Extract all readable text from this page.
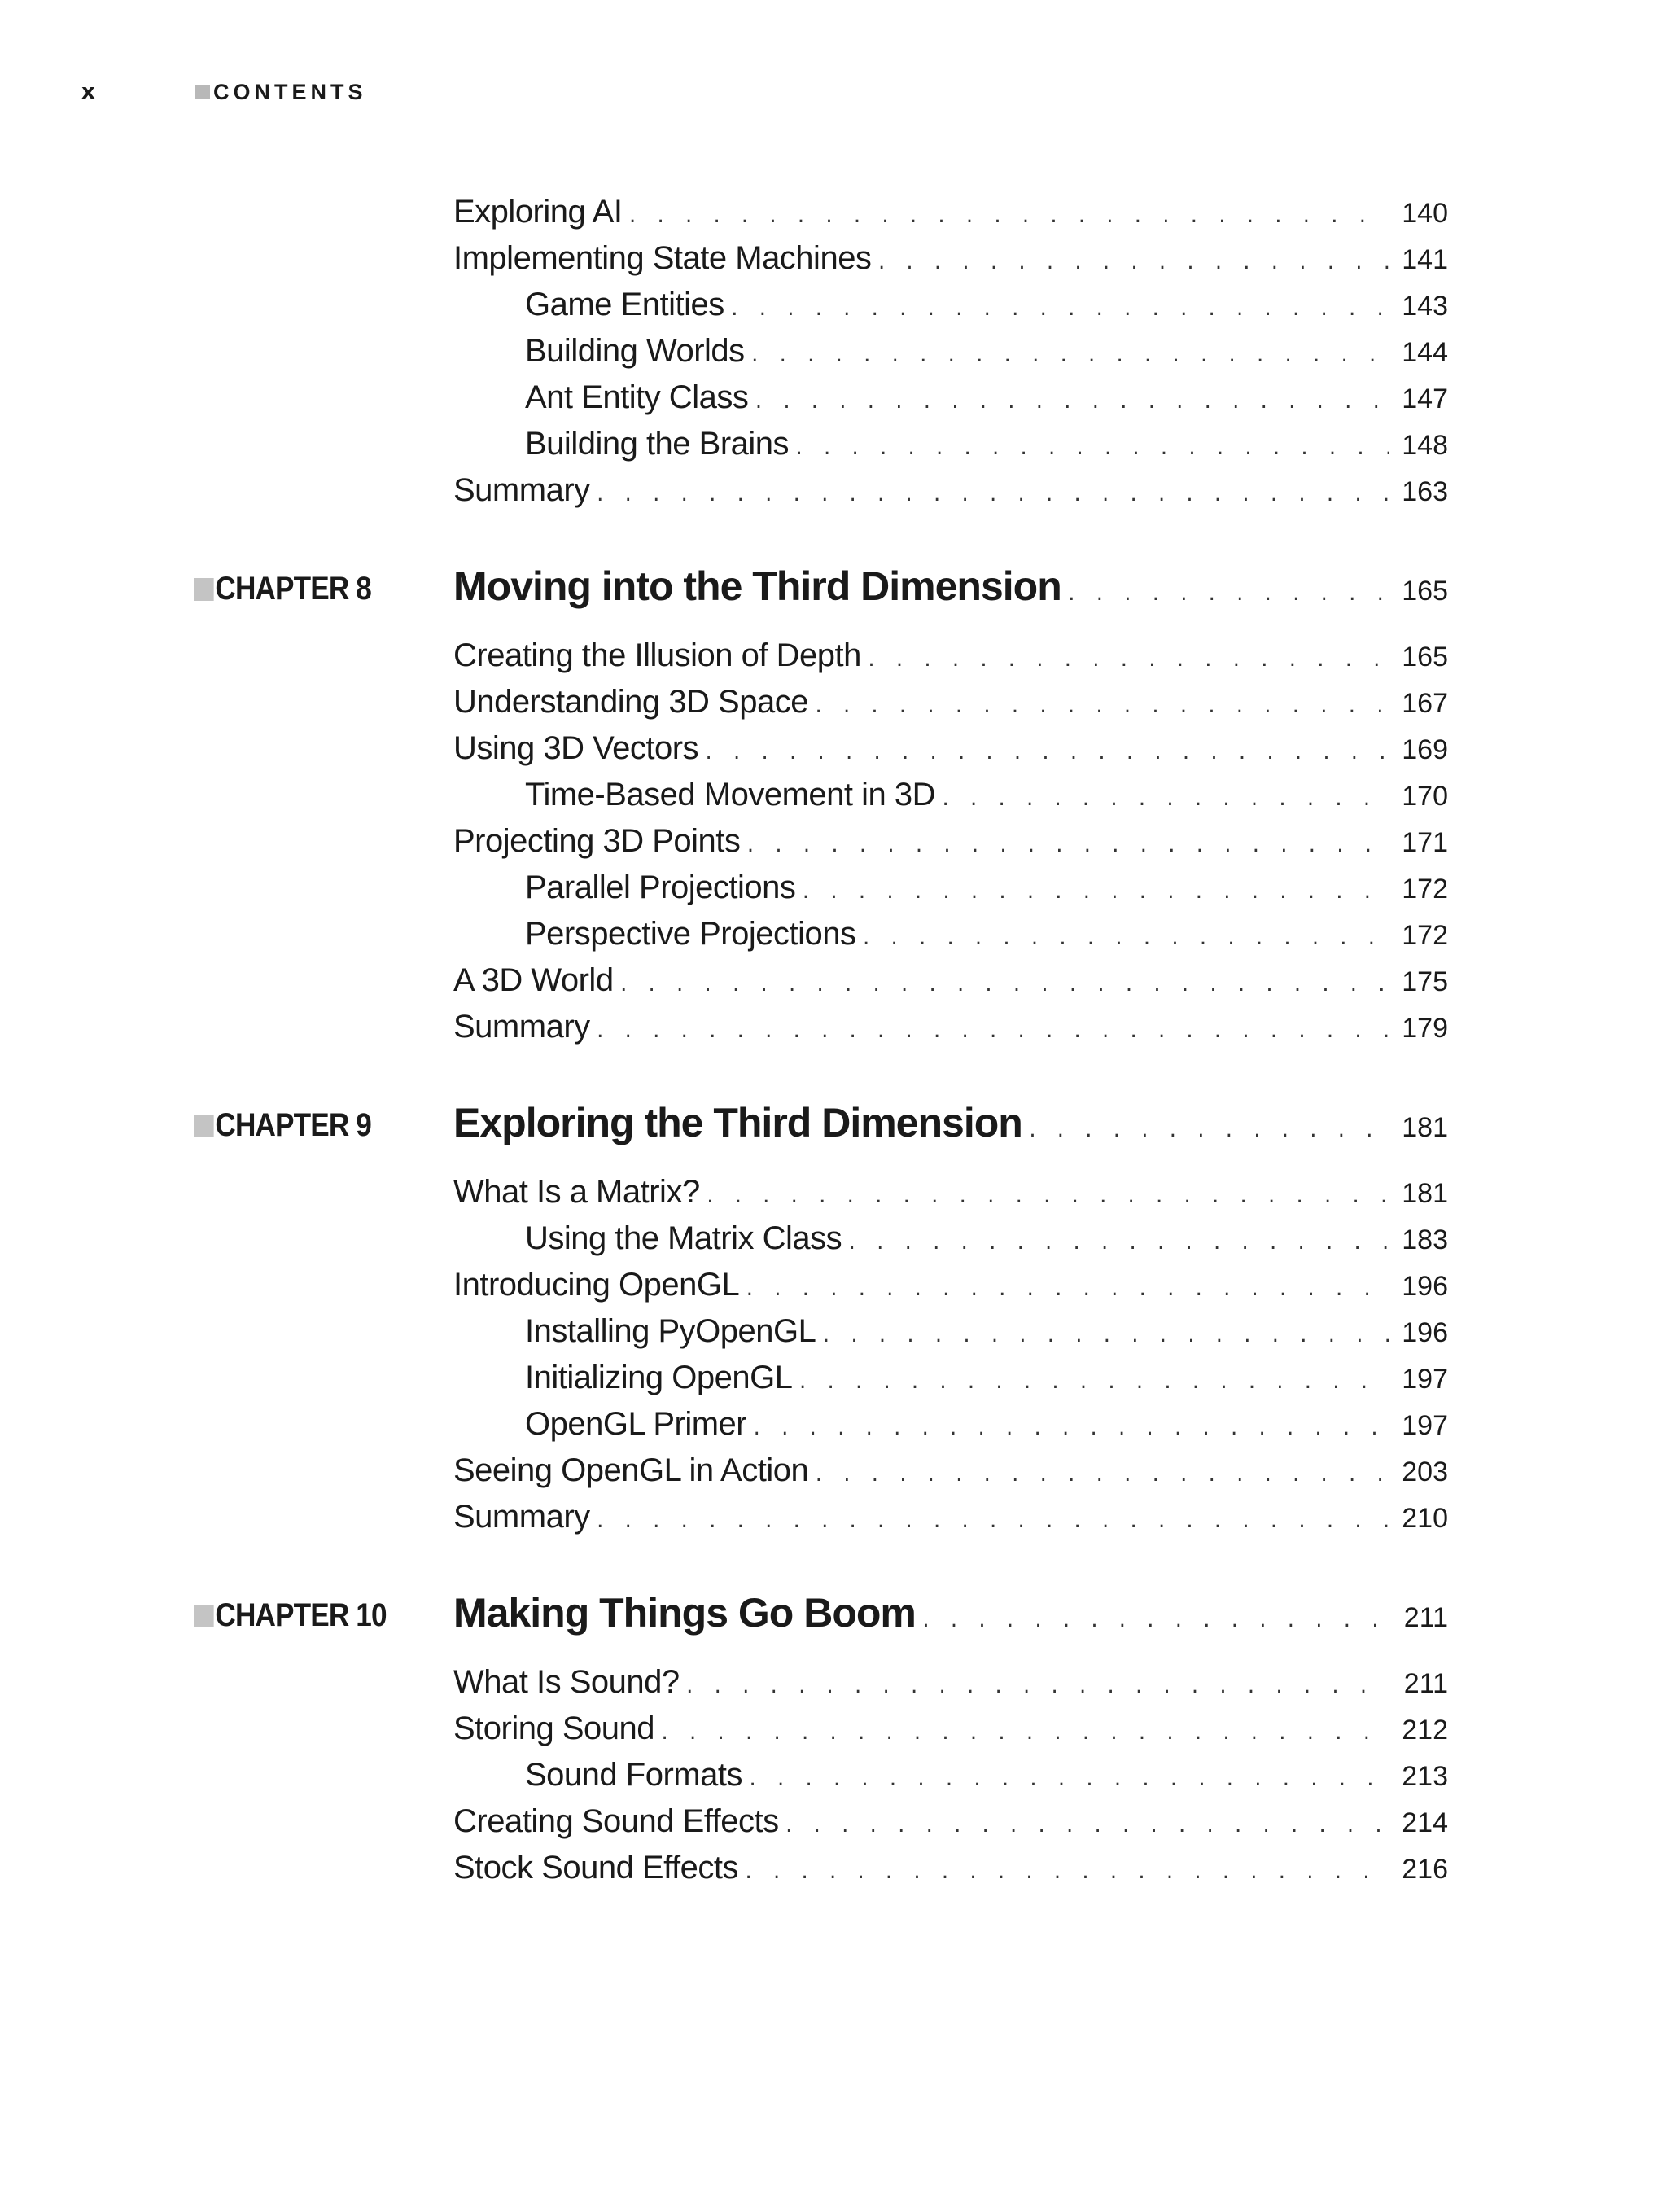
x	CONTENTS
Exploring AI . . .	140
Implementing State Machines . . .	141
Game Entities . . .	143
Building Worlds . . .	144
Ant Entity Class . . .	147
Building the Brains . . .	148
Summary . . .	163
CHAPTER 8 Moving into the Third Dimension . . .	165
Creating the Illusion of Depth . . .	165
Understanding 3D Space . . .	167
Using 3D Vectors . . .	169
Time-Based Movement in 3D . . .	170
Projecting 3D Points . . .	171
Parallel Projections . . .	172
Perspective Projections . . .	172
A 3D World . . .	175
Summary . . .	179
CHAPTER 9 Exploring the Third Dimension . . .	181
What Is a Matrix? . . .	181
Using the Matrix Class . . .	183
Introducing OpenGL . . .	196
Installing PyOpenGL . . .	196
Initializing OpenGL . . .	197
OpenGL Primer . . .	197
Seeing OpenGL in Action . . .	203
Summary . . .	210
CHAPTER 10 Making Things Go Boom . . .	211
What Is Sound? . . .	211
Storing Sound . . .	212
Sound Formats . . .	213
Creating Sound Effects . . .	214
Stock Sound Effects . . .	216
